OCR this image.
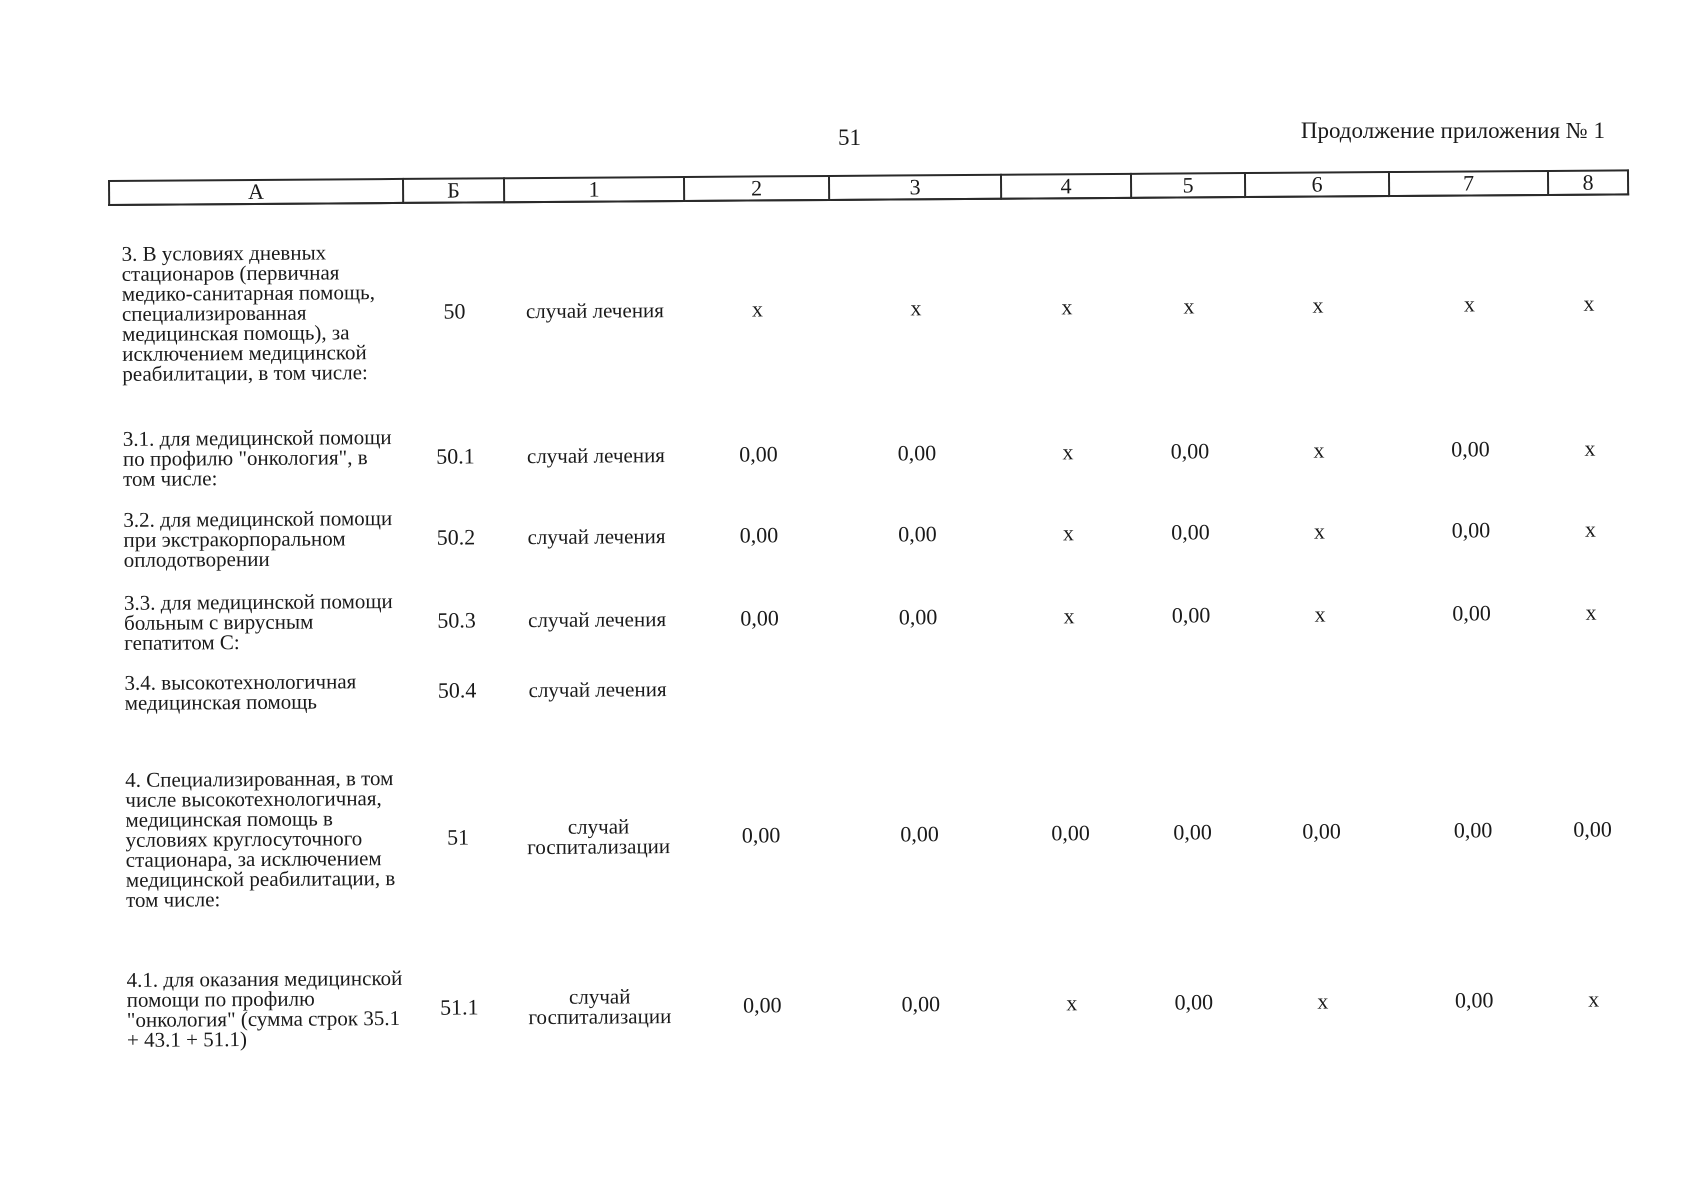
51	Продолжение приложения № 1
А	Б	1	2	3	4	5	6	7	8
3. В условиях дневных стационаров (первичная медико-санитарная помощь, специализированная медицинская помощь), за исключением медицинской реабилитации, в том числе:	50	случай лечения	x	x	x	x	x	x	x
3.1. для медицинской помощи по профилю "онкология", в том числе:	50.1	случай лечения	0,00	0,00	x	0,00	x	0,00	x
3.2. для медицинской помощи при экстракорпоральном оплодотворении	50.2	случай лечения	0,00	0,00	x	0,00	x	0,00	x
3.3. для медицинской помощи больным с вирусным гепатитом С:	50.3	случай лечения	0,00	0,00	x	0,00	x	0,00	x
3.4. высокотехнологичная медицинская помощь	50.4	случай лечения							
4. Специализированная, в том числе высокотехнологичная, медицинская помощь в условиях круглосуточного стационара, за исключением медицинской реабилитации, в том числе:	51	случай госпитализации	0,00	0,00	0,00	0,00	0,00	0,00	0,00
4.1. для оказания медицинской помощи по профилю "онкология" (сумма строк 35.1 + 43.1 + 51.1)	51.1	случай госпитализации	0,00	0,00	x	0,00	x	0,00	x
